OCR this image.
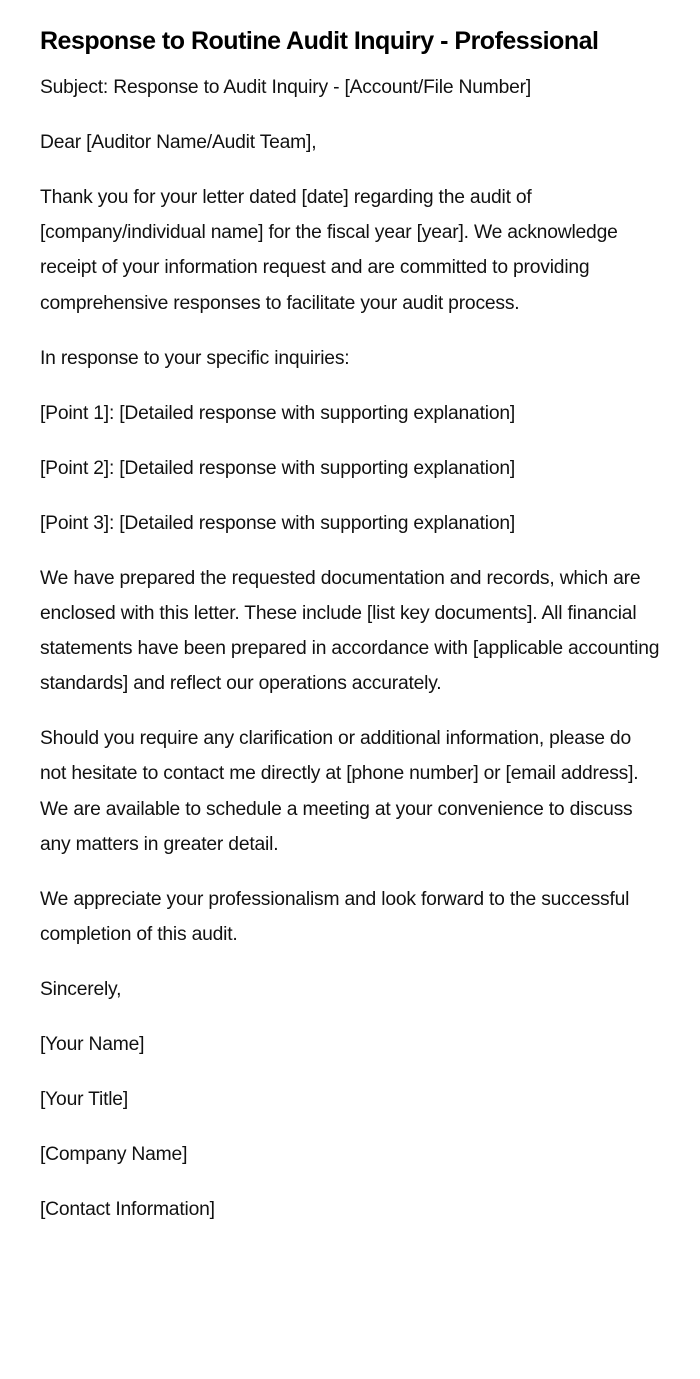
Response to Routine Audit Inquiry - Professional

Subject: Response to Audit Inquiry - [Account/File Number]

Dear [Auditor Name/Audit Team],

Thank you for your letter dated [date] regarding the audit of [company/individual name] for the fiscal year [year]. We acknowledge receipt of your information request and are committed to providing comprehensive responses to facilitate your audit process.

In response to your specific inquiries:

[Point 1]: [Detailed response with supporting explanation]

[Point 2]: [Detailed response with supporting explanation]

[Point 3]: [Detailed response with supporting explanation]

We have prepared the requested documentation and records, which are enclosed with this letter. These include [list key documents]. All financial statements have been prepared in accordance with [applicable accounting standards] and reflect our operations accurately.

Should you require any clarification or additional information, please do not hesitate to contact me directly at [phone number] or [email address]. We are available to schedule a meeting at your convenience to discuss any matters in greater detail.

We appreciate your professionalism and look forward to the successful completion of this audit.

Sincerely,

[Your Name]

[Your Title]

[Company Name]

[Contact Information]
